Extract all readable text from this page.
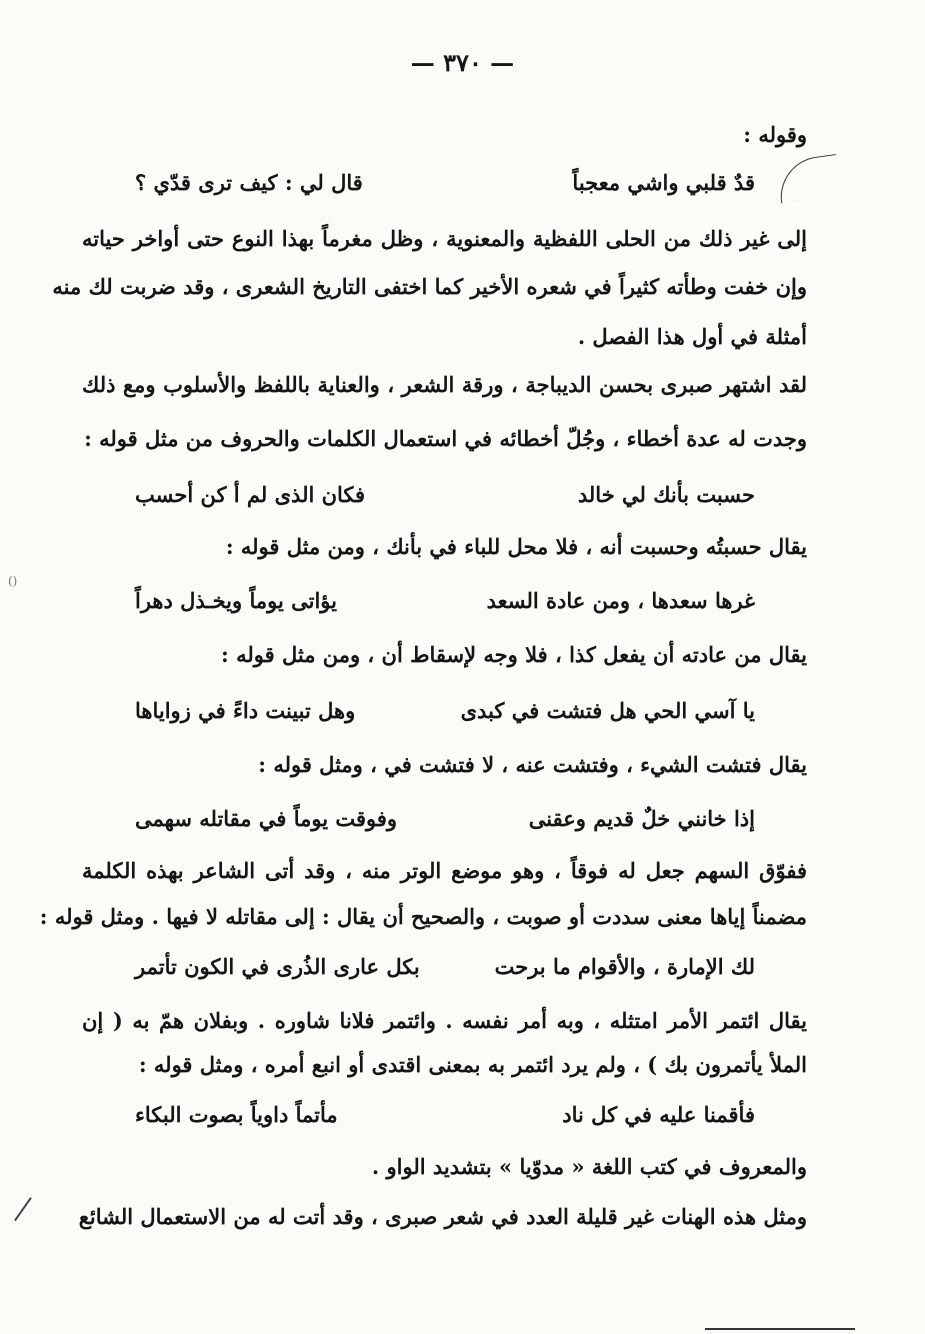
— ٣٧٠ —
()
وقوله :
قدٌ قلبي واشي معجباً
قال لي : كيف ترى قدّي ؟
إلى غير ذلك من الحلى اللفظية والمعنوية ، وظل مغرماً بهذا النوع حتى أواخر حياته
وإن خفت وطأته كثيراً في شعره الأخير كما اختفى التاريخ الشعرى ، وقد ضربت لك منه
أمثلة في أول هذا الفصل .
لقد اشتهر صبرى بحسن الديباجة ، ورقة الشعر ، والعناية باللفظ والأسلوب ومع ذلك
وجدت له عدة أخطاء ، وجُلّ أخطائه في استعمال الكلمات والحروف من مثل قوله :
حسبت بأنك لي خالد
فكان الذى لم أ كن أحسب
يقال حسبتُه وحسبت أنه ، فلا محل للباء في بأنك ، ومن مثل قوله :
غرها سعدها ، ومن عادة السعد
يؤاتى يوماً ويخـذل دهراً
يقال من عادته أن يفعل كذا ، فلا وجه لإسقاط أن ، ومن مثل قوله :
يا آسي الحي هل فتشت في كبدى
وهل تبينت داءً في زواياها
يقال فتشت الشيء ، وفتشت عنه ، لا فتشت في ، ومثل قوله :
إذا خانني خلٌ قديم وعقنى
وفوقت يوماً في مقاتله سهمى
ففوّق السهم جعل له فوقاً ، وهو موضع الوتر منه ، وقد أتى الشاعر بهذه الكلمة
مضمناً إياها معنى سددت أو صوبت ، والصحيح أن يقال : إلى مقاتله لا فيها . ومثل قوله :
لك الإمارة ، والأقوام ما برحت
بكل عارى الذُرى في الكون تأتمر
يقال ائتمر الأمر امتثله ، وبه أمر نفسه . وائتمر فلانا شاوره . وبفلان همّ به ( إن
الملأ يأتمرون بك ) ، ولم يرد ائتمر به بمعنى اقتدى أو انبع أمره ، ومثل قوله :
فأقمنا عليه في كل ناد
مأتماً داوياً بصوت البكاء
والمعروف في كتب اللغة « مدوّيا » بتشديد الواو .
ومثل هذه الهنات غير قليلة العدد في شعر صبرى ، وقد أتت له من الاستعمال الشائع
